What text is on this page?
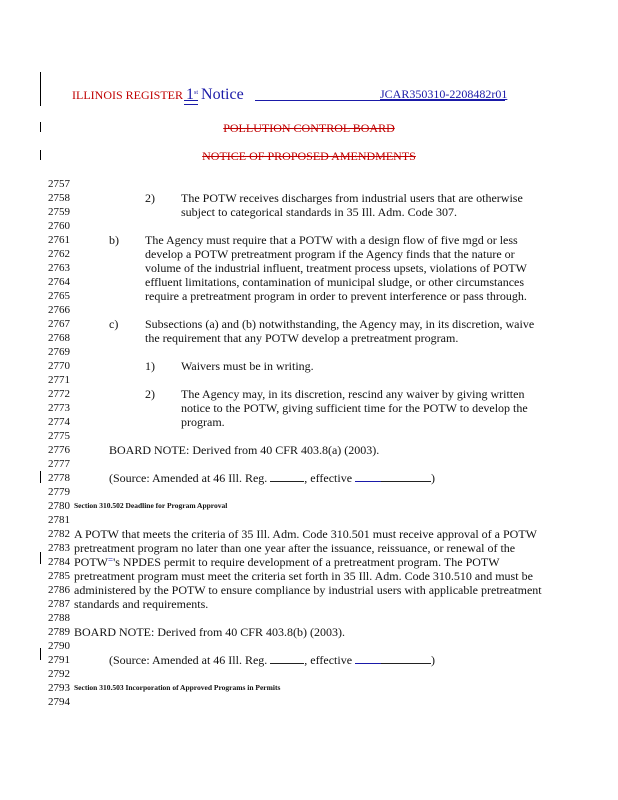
ILLINOIS REGISTER 1st Notice	JCAR350310-2208482r01
POLLUTION CONTROL BOARD
NOTICE OF PROPOSED AMENDMENTS
2757
2758
2759
2760
2761
2762
2763
2764
2765
2766
2767
2768
2769
2770
2771
2772
2773
2774
2775
2776
2777
2778
2779
2780
2781
2782
2783
2784
2785
2786
2787
2788
2789
2790
2791
2792
2793
2794
2) The POTW receives discharges from industrial users that are otherwise
subject to categorical standards in 35 Ill. Adm. Code 307.
b) The Agency must require that a POTW with a design flow of five mgd or less
develop a POTW pretreatment program if the Agency finds that the nature or
volume of the industrial influent, treatment process upsets, violations of POTW
effluent limitations, contamination of municipal sludge, or other circumstances
require a pretreatment program in order to prevent interference or pass through.
c) Subsections (a) and (b) notwithstanding, the Agency may, in its discretion, waive
the requirement that any POTW develop a pretreatment program.
1) Waivers must be in writing.
2) The Agency may, in its discretion, rescind any waiver by giving written
notice to the POTW, giving sufficient time for the POTW to develop the
program.
BOARD NOTE: Derived from 40 CFR 403.8(a) (2003).
(Source: Amended at 46 Ill. Reg.	, effective	)
Section 310.502 Deadline for Program Approval
A POTW that meets the criteria of 35 Ill. Adm. Code 310.501 must receive approval of a POTW
pretreatment program no later than one year after the issuance, reissuance, or renewal of the
POTW='s NPDES permit to require development of a pretreatment program. The POTW
pretreatment program must meet the criteria set forth in 35 Ill. Adm. Code 310.510 and must be
administered by the POTW to ensure compliance by industrial users with applicable pretreatment
standards and requirements.
BOARD NOTE: Derived from 40 CFR 403.8(b) (2003).
(Source: Amended at 46 Ill. Reg.	, effective	)
Section 310.503 Incorporation of Approved Programs in Permits
